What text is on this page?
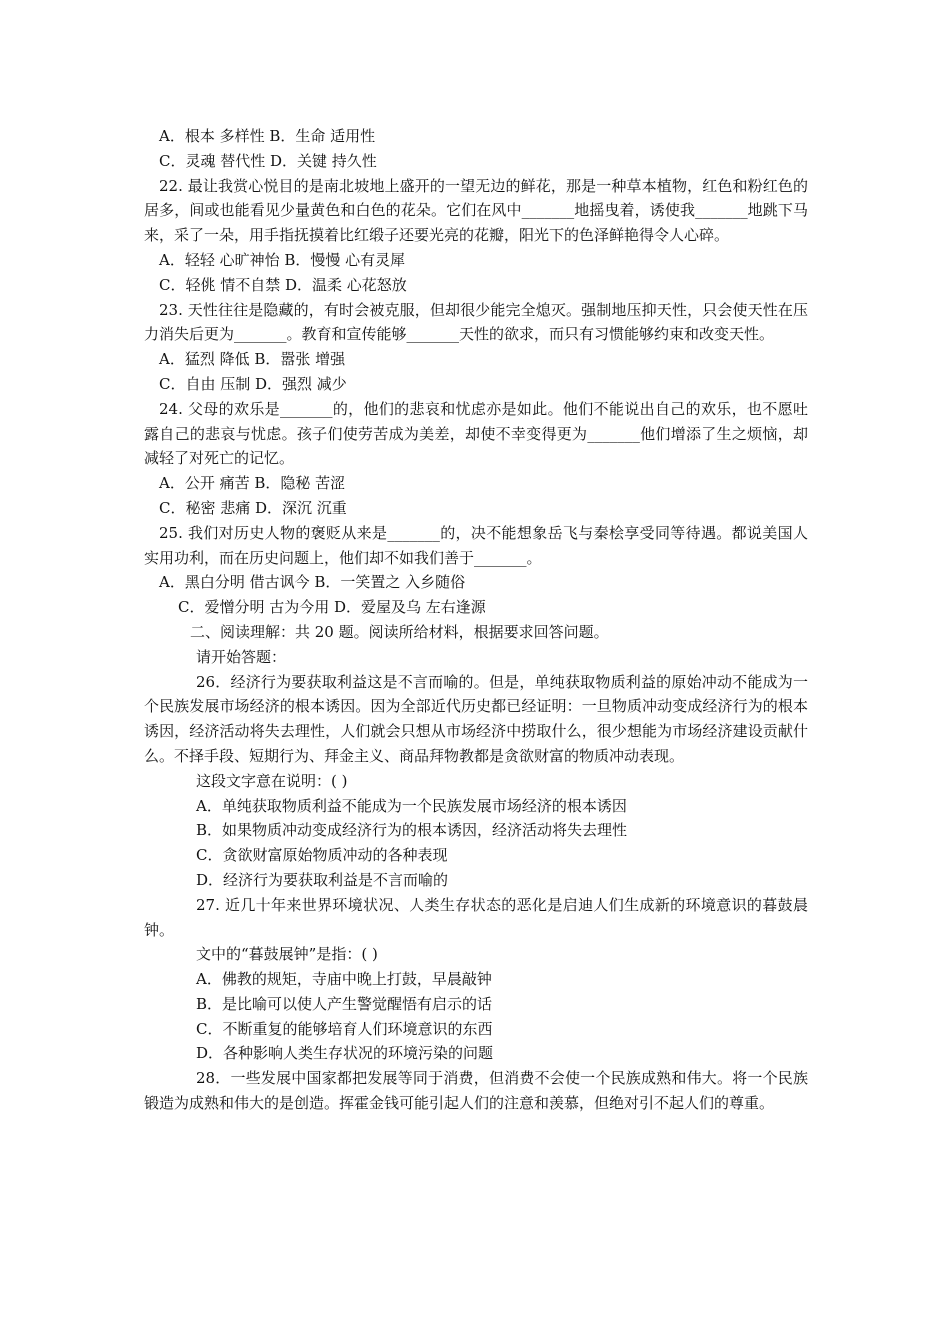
A．根本 多样性 B．生命 适用性
C．灵魂 替代性 D．关键 持久性
22. 最让我赏心悦目的是南北坡地上盛开的一望无边的鲜花，那是一种草本植物，红色和粉红色的居多，间或也能看见少量黄色和白色的花朵。它们在风中_______地摇曳着，诱使我_______地跳下马来，采了一朵，用手指抚摸着比红缎子还要光亮的花瓣，阳光下的色泽鲜艳得令人心碎。
A．轻轻 心旷神怡 B．慢慢 心有灵犀
C．轻佻 情不自禁 D．温柔 心花怒放
23. 天性往往是隐藏的，有时会被克服，但却很少能完全熄灭。强制地压抑天性，只会使天性在压力消失后更为_______。教育和宣传能够_______天性的欲求，而只有习惯能够约束和改变天性。
A．猛烈 降低 B．嚣张 增强
C．自由 压制 D．强烈 减少
24. 父母的欢乐是_______的，他们的悲哀和忧虑亦是如此。他们不能说出自己的欢乐，也不愿吐露自己的悲哀与忧虑。孩子们使劳苦成为美差，却使不幸变得更为_______他们增添了生之烦恼，却减轻了对死亡的记忆。
A．公开 痛苦 B．隐秘 苦涩
C．秘密 悲痛 D．深沉 沉重
25. 我们对历史人物的褒贬从来是_______的，决不能想象岳飞与秦桧享受同等待遇。都说美国人实用功利，而在历史问题上，他们却不如我们善于_______。
A．黑白分明 借古讽今 B．一笑置之 入乡随俗
C．爱憎分明 古为今用 D．爱屋及乌 左右逢源
二、阅读理解：共 20 题。阅读所给材料，根据要求回答问题。
请开始答题：
26．经济行为要获取利益这是不言而喻的。但是，单纯获取物质利益的原始冲动不能成为一个民族发展市场经济的根本诱因。因为全部近代历史都已经证明：一旦物质冲动变成经济行为的根本诱因，经济活动将失去理性，人们就会只想从市场经济中捞取什么，很少想能为市场经济建设贡献什么。不择手段、短期行为、拜金主义、商品拜物教都是贪欲财富的物质冲动表现。
这段文字意在说明：( )
A．单纯获取物质利益不能成为一个民族发展市场经济的根本诱因
B．如果物质冲动变成经济行为的根本诱因，经济活动将失去理性
C．贪欲财富原始物质冲动的各种表现
D．经济行为要获取利益是不言而喻的
27. 近几十年来世界环境状况、人类生存状态的恶化是启迪人们生成新的环境意识的暮鼓晨钟。
文中的“暮鼓展钟”是指：( )
A．佛教的规矩，寺庙中晚上打鼓，早晨敲钟
B．是比喻可以使人产生警觉醒悟有启示的话
C．不断重复的能够培育人们环境意识的东西
D．各种影响人类生存状况的环境污染的问题
28．一些发展中国家都把发展等同于消费，但消费不会使一个民族成熟和伟大。将一个民族锻造为成熟和伟大的是创造。挥霍金钱可能引起人们的注意和羡慕，但绝对引不起人们的尊重。
